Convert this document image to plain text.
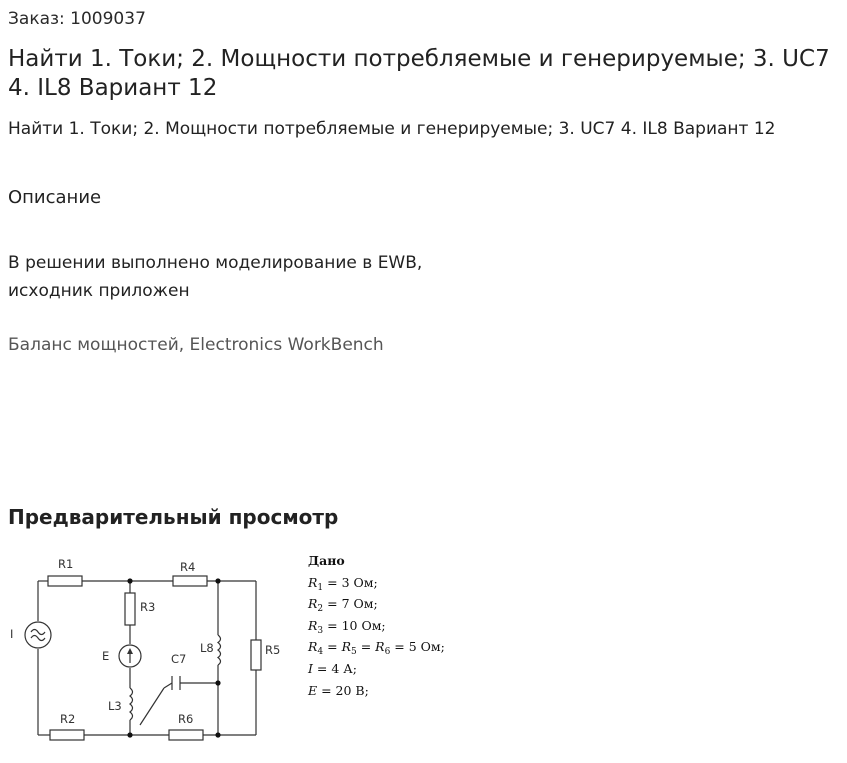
Заказ: 1009037
Найти 1. Токи; 2. Мощности потребляемые и генерируемые; 3. UC7 4. IL8 Вариант 12
Найти 1. Токи; 2. Мощности потребляемые и генерируемые; 3. UC7 4. IL8 Вариант 12
Описание
В решении выполнено моделирование в EWB, исходник приложен
Баланс мощностей, Electronics WorkBench
Предварительный просмотр
R1	R4
R3
E	C7
L8	R5
I
L3
R2	R6
Дано
$R_1 = 3$ Ом;
$R_2 = 7$ Ом;
$R_3 = 10$ Ом;
$R_4 = R_5 = R_6 = 5$ Ом;
I = 4 А;
E = 20 В;
